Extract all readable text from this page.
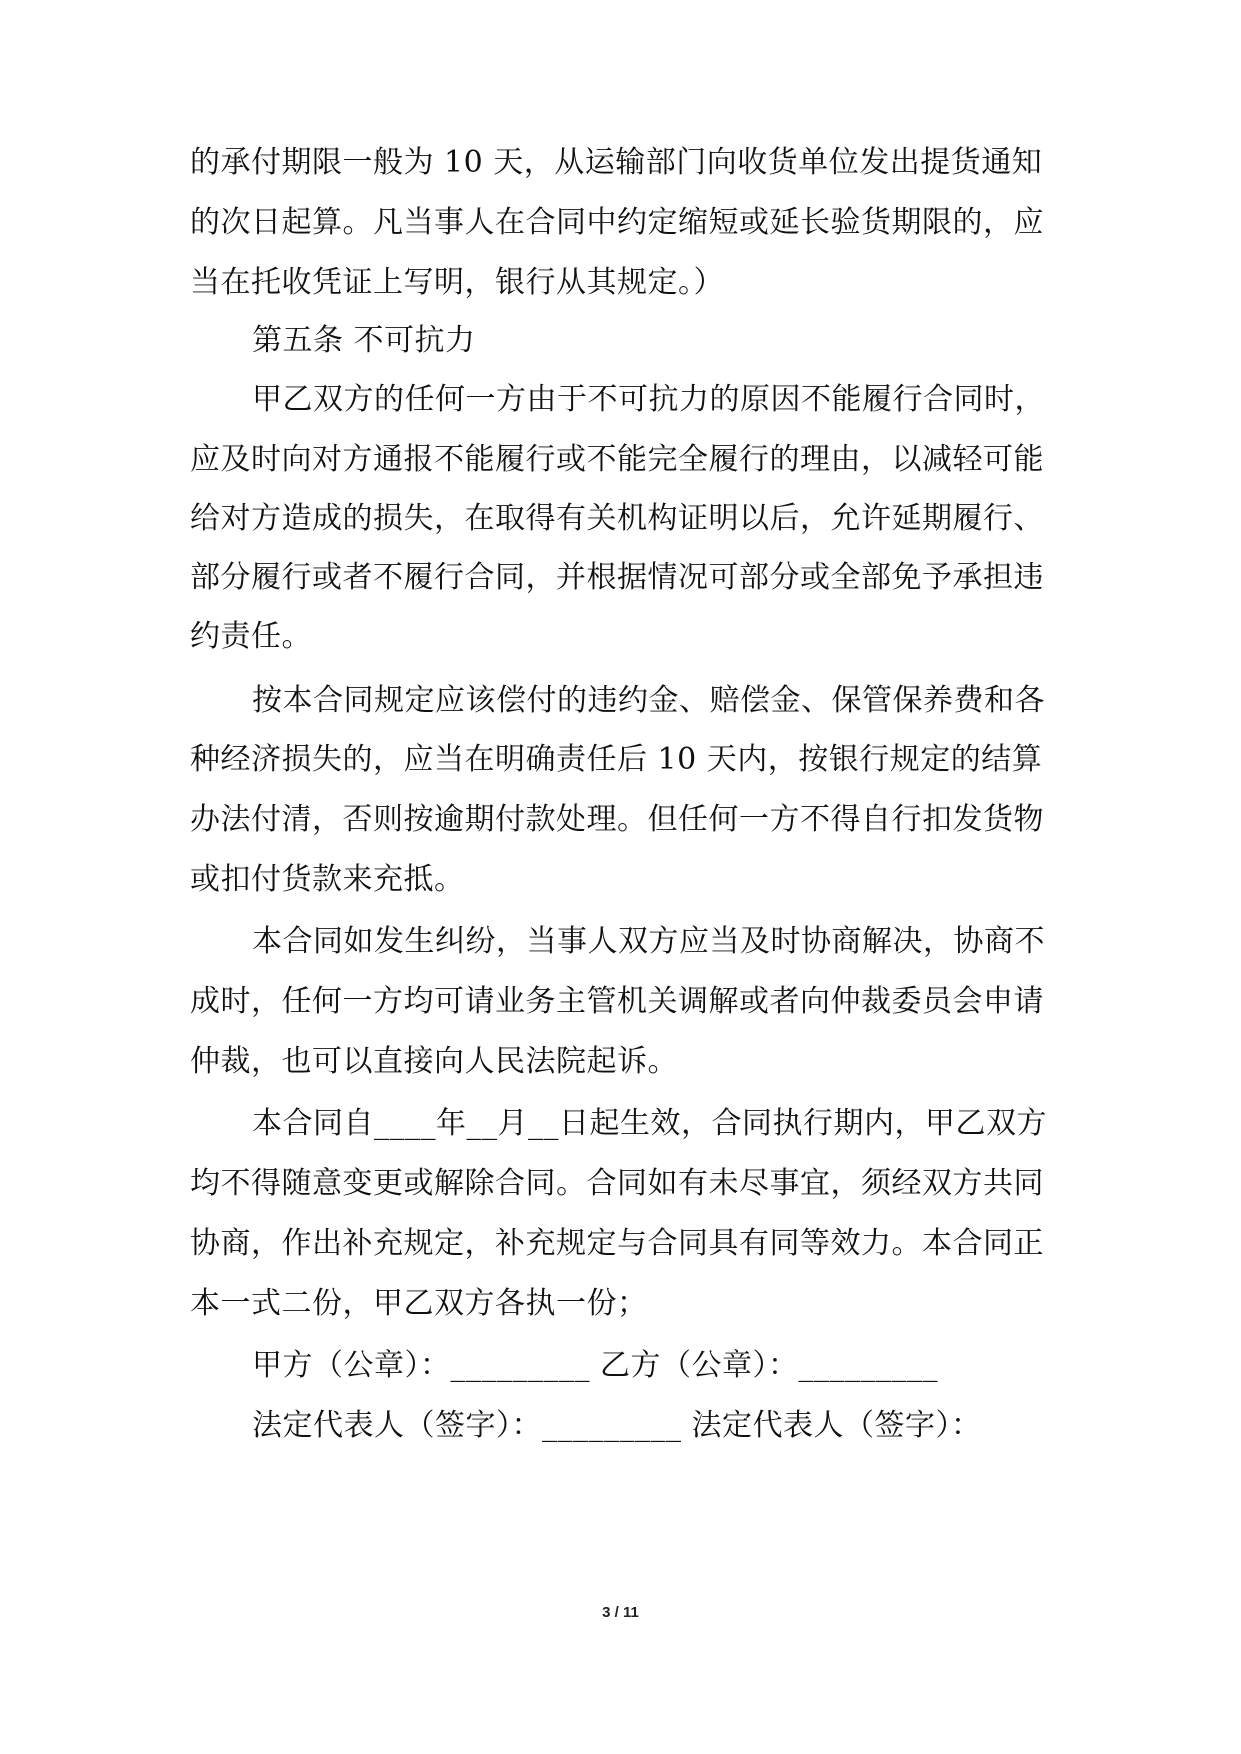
的承付期限一般为 10 天，从运输部门向收货单位发出提货通知
的次日起算。凡当事人在合同中约定缩短或延长验货期限的，应
当在托收凭证上写明，银行从其规定。）
第五条 不可抗力
甲乙双方的任何一方由于不可抗力的原因不能履行合同时，
应及时向对方通报不能履行或不能完全履行的理由，以减轻可能
给对方造成的损失，在取得有关机构证明以后，允许延期履行、
部分履行或者不履行合同，并根据情况可部分或全部免予承担违
约责任。
按本合同规定应该偿付的违约金、赔偿金、保管保养费和各
种经济损失的，应当在明确责任后 10 天内，按银行规定的结算
办法付清，否则按逾期付款处理。但任何一方不得自行扣发货物
或扣付货款来充抵。
本合同如发生纠纷，当事人双方应当及时协商解决，协商不
成时，任何一方均可请业务主管机关调解或者向仲裁委员会申请
仲裁，也可以直接向人民法院起诉。
本合同自____年__月__日起生效，合同执行期内，甲乙双方
均不得随意变更或解除合同。合同如有未尽事宜，须经双方共同
协商，作出补充规定，补充规定与合同具有同等效力。本合同正
本一式二份，甲乙双方各执一份；
甲方（公章）：_________ 乙方（公章）：_________
法定代表人（签字）：_________ 法定代表人（签字）：
3 / 11
